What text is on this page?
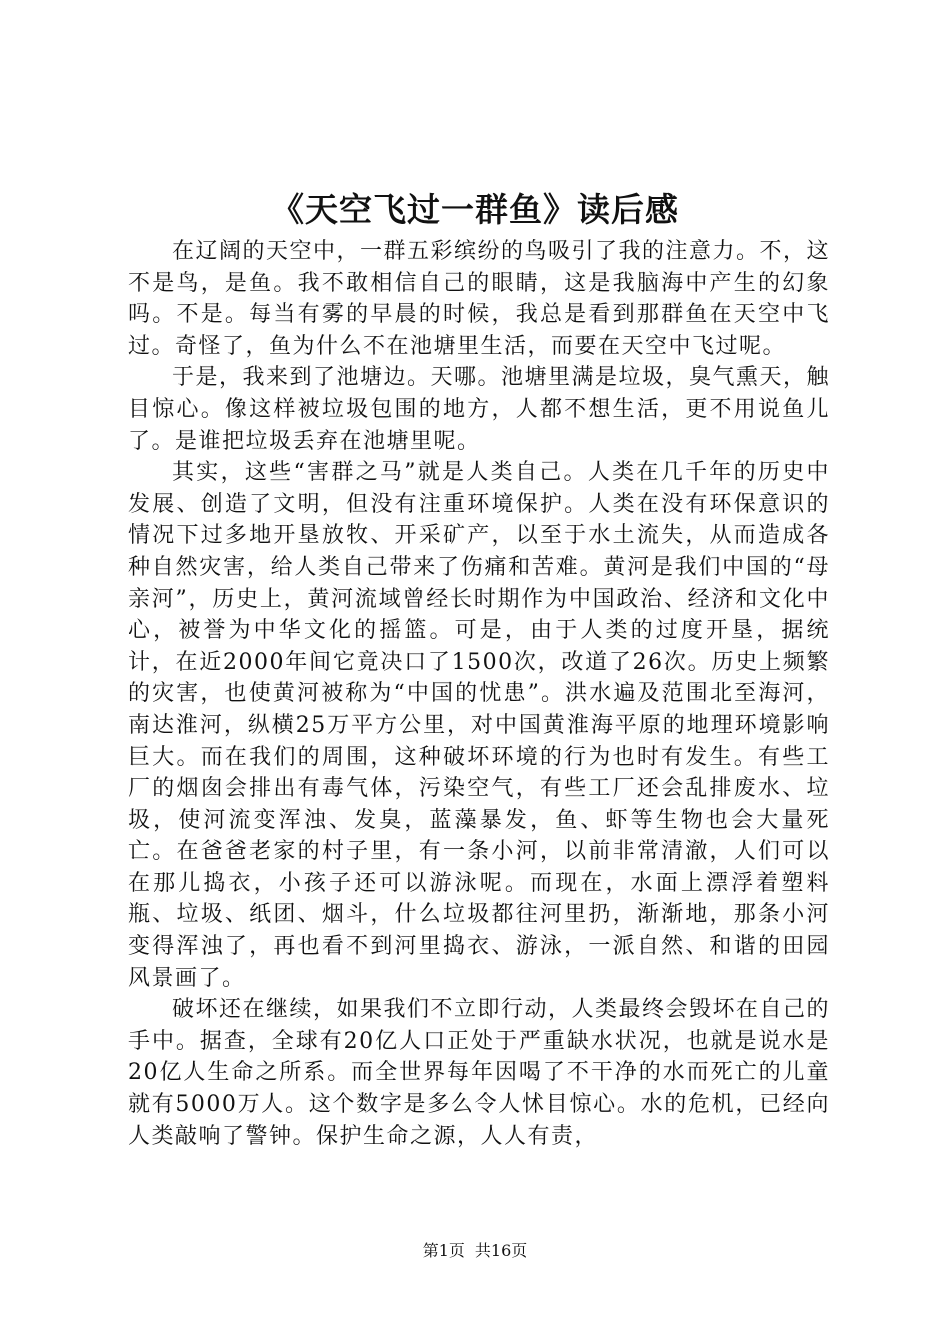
《天空飞过一群鱼》读后感

在辽阔的天空中，一群五彩缤纷的鸟吸引了我的注意力。不，这不是鸟，是鱼。我不敢相信自己的眼睛，这是我脑海中产生的幻象吗。不是。每当有雾的早晨的时候，我总是看到那群鱼在天空中飞过。奇怪了，鱼为什么不在池塘里生活，而要在天空中飞过呢。

于是，我来到了池塘边。天哪。池塘里满是垃圾，臭气熏天，触目惊心。像这样被垃圾包围的地方，人都不想生活，更不用说鱼儿了。是谁把垃圾丢弃在池塘里呢。

其实，这些“害群之马”就是人类自己。人类在几千年的历史中发展、创造了文明，但没有注重环境保护。人类在没有环保意识的情况下过多地开垦放牧、开采矿产，以至于水土流失，从而造成各种自然灾害，给人类自己带来了伤痛和苦难。黄河是我们中国的“母亲河”，历史上，黄河流域曾经长时期作为中国政治、经济和文化中心，被誉为中华文化的摇篮。可是，由于人类的过度开垦，据统计，在近2000年间它竟决口了1500次，改道了26次。历史上频繁的灾害，也使黄河被称为“中国的忧患”。洪水遍及范围北至海河，南达淮河，纵横25万平方公里，对中国黄淮海平原的地理环境影响巨大。而在我们的周围，这种破坏环境的行为也时有发生。有些工厂的烟囱会排出有毒气体，污染空气，有些工厂还会乱排废水、垃圾，使河流变浑浊、发臭，蓝藻暴发，鱼、虾等生物也会大量死亡。在爸爸老家的村子里，有一条小河，以前非常清澈，人们可以在那儿捣衣，小孩子还可以游泳呢。而现在，水面上漂浮着塑料瓶、垃圾、纸团、烟斗，什么垃圾都往河里扔，渐渐地，那条小河变得浑浊了，再也看不到河里捣衣、游泳，一派自然、和谐的田园风景画了。

破坏还在继续，如果我们不立即行动，人类最终会毁坏在自己的手中。据查，全球有20亿人口正处于严重缺水状况，也就是说水是20亿人生命之所系。而全世界每年因喝了不干净的水而死亡的儿童就有5000万人。这个数字是多么令人怵目惊心。水的危机，已经向人类敲响了警钟。保护生命之源，人人有责，

第1页 共16页
